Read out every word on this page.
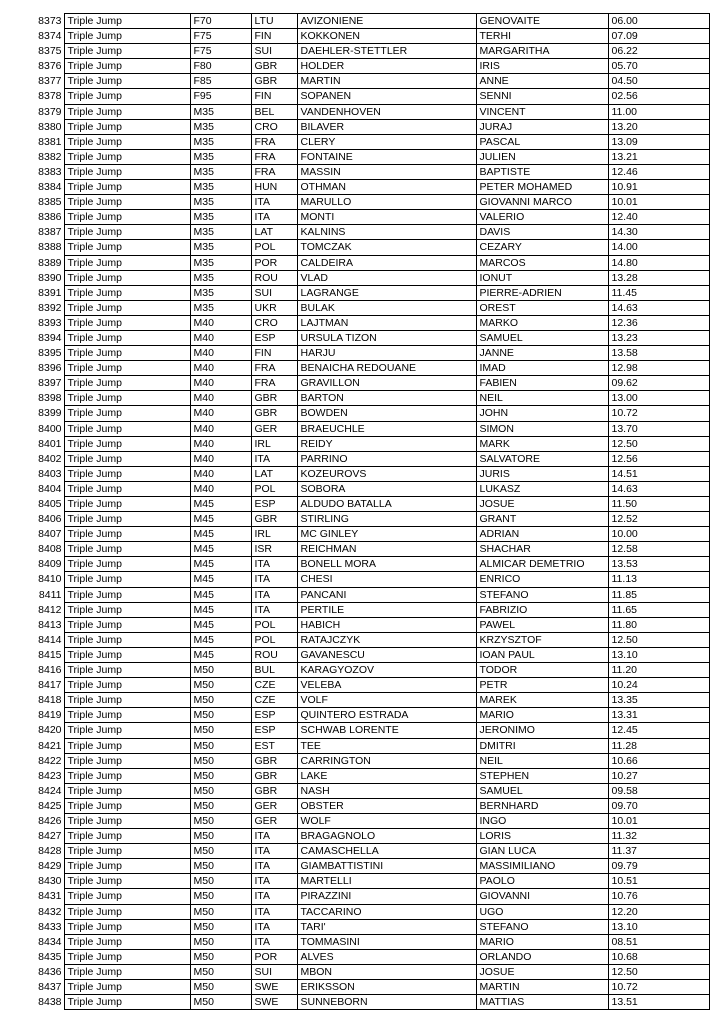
8373	Triple Jump	F70	LTU	AVIZONIENE	GENOVAITE	06.00
8374	Triple Jump	F75	FIN	KOKKONEN	TERHI	07.09
8375	Triple Jump	F75	SUI	DAEHLER-STETTLER	MARGARITHA	06.22
8376	Triple Jump	F80	GBR	HOLDER	IRIS	05.70
8377	Triple Jump	F85	GBR	MARTIN	ANNE	04.50
8378	Triple Jump	F95	FIN	SOPANEN	SENNI	02.56
8379	Triple Jump	M35	BEL	VANDENHOVEN	VINCENT	11.00
8380	Triple Jump	M35	CRO	BILAVER	JURAJ	13.20
8381	Triple Jump	M35	FRA	CLERY	PASCAL	13.09
8382	Triple Jump	M35	FRA	FONTAINE	JULIEN	13.21
8383	Triple Jump	M35	FRA	MASSIN	BAPTISTE	12.46
8384	Triple Jump	M35	HUN	OTHMAN	PETER MOHAMED	10.91
8385	Triple Jump	M35	ITA	MARULLO	GIOVANNI MARCO	10.01
8386	Triple Jump	M35	ITA	MONTI	VALERIO	12.40
8387	Triple Jump	M35	LAT	KALNINS	DAVIS	14.30
8388	Triple Jump	M35	POL	TOMCZAK	CEZARY	14.00
8389	Triple Jump	M35	POR	CALDEIRA	MARCOS	14.80
8390	Triple Jump	M35	ROU	VLAD	IONUT	13.28
8391	Triple Jump	M35	SUI	LAGRANGE	PIERRE-ADRIEN	11.45
8392	Triple Jump	M35	UKR	BULAK	OREST	14.63
8393	Triple Jump	M40	CRO	LAJTMAN	MARKO	12.36
8394	Triple Jump	M40	ESP	URSULA TIZON	SAMUEL	13.23
8395	Triple Jump	M40	FIN	HARJU	JANNE	13.58
8396	Triple Jump	M40	FRA	BENAICHA REDOUANE	IMAD	12.98
8397	Triple Jump	M40	FRA	GRAVILLON	FABIEN	09.62
8398	Triple Jump	M40	GBR	BARTON	NEIL	13.00
8399	Triple Jump	M40	GBR	BOWDEN	JOHN	10.72
8400	Triple Jump	M40	GER	BRAEUCHLE	SIMON	13.70
8401	Triple Jump	M40	IRL	REIDY	MARK	12.50
8402	Triple Jump	M40	ITA	PARRINO	SALVATORE	12.56
8403	Triple Jump	M40	LAT	KOZEUROVS	JURIS	14.51
8404	Triple Jump	M40	POL	SOBORA	LUKASZ	14.63
8405	Triple Jump	M45	ESP	ALDUDO BATALLA	JOSUE	11.50
8406	Triple Jump	M45	GBR	STIRLING	GRANT	12.52
8407	Triple Jump	M45	IRL	MC GINLEY	ADRIAN	10.00
8408	Triple Jump	M45	ISR	REICHMAN	SHACHAR	12.58
8409	Triple Jump	M45	ITA	BONELL MORA	ALMICAR DEMETRIO	13.53
8410	Triple Jump	M45	ITA	CHESI	ENRICO	11.13
8411	Triple Jump	M45	ITA	PANCANI	STEFANO	11.85
8412	Triple Jump	M45	ITA	PERTILE	FABRIZIO	11.65
8413	Triple Jump	M45	POL	HABICH	PAWEL	11.80
8414	Triple Jump	M45	POL	RATAJCZYK	KRZYSZTOF	12.50
8415	Triple Jump	M45	ROU	GAVANESCU	IOAN PAUL	13.10
8416	Triple Jump	M50	BUL	KARAGYOZOV	TODOR	11.20
8417	Triple Jump	M50	CZE	VELEBA	PETR	10.24
8418	Triple Jump	M50	CZE	VOLF	MAREK	13.35
8419	Triple Jump	M50	ESP	QUINTERO ESTRADA	MARIO	13.31
8420	Triple Jump	M50	ESP	SCHWAB LORENTE	JERONIMO	12.45
8421	Triple Jump	M50	EST	TEE	DMITRI	11.28
8422	Triple Jump	M50	GBR	CARRINGTON	NEIL	10.66
8423	Triple Jump	M50	GBR	LAKE	STEPHEN	10.27
8424	Triple Jump	M50	GBR	NASH	SAMUEL	09.58
8425	Triple Jump	M50	GER	OBSTER	BERNHARD	09.70
8426	Triple Jump	M50	GER	WOLF	INGO	10.01
8427	Triple Jump	M50	ITA	BRAGAGNOLO	LORIS	11.32
8428	Triple Jump	M50	ITA	CAMASCHELLA	GIAN LUCA	11.37
8429	Triple Jump	M50	ITA	GIAMBATTISTINI	MASSIMILIANO	09.79
8430	Triple Jump	M50	ITA	MARTELLI	PAOLO	10.51
8431	Triple Jump	M50	ITA	PIRAZZINI	GIOVANNI	10.76
8432	Triple Jump	M50	ITA	TACCARINO	UGO	12.20
8433	Triple Jump	M50	ITA	TARI'	STEFANO	13.10
8434	Triple Jump	M50	ITA	TOMMASINI	MARIO	08.51
8435	Triple Jump	M50	POR	ALVES	ORLANDO	10.68
8436	Triple Jump	M50	SUI	MBON	JOSUE	12.50
8437	Triple Jump	M50	SWE	ERIKSSON	MARTIN	10.72
8438	Triple Jump	M50	SWE	SUNNEBORN	MATTIAS	13.51
